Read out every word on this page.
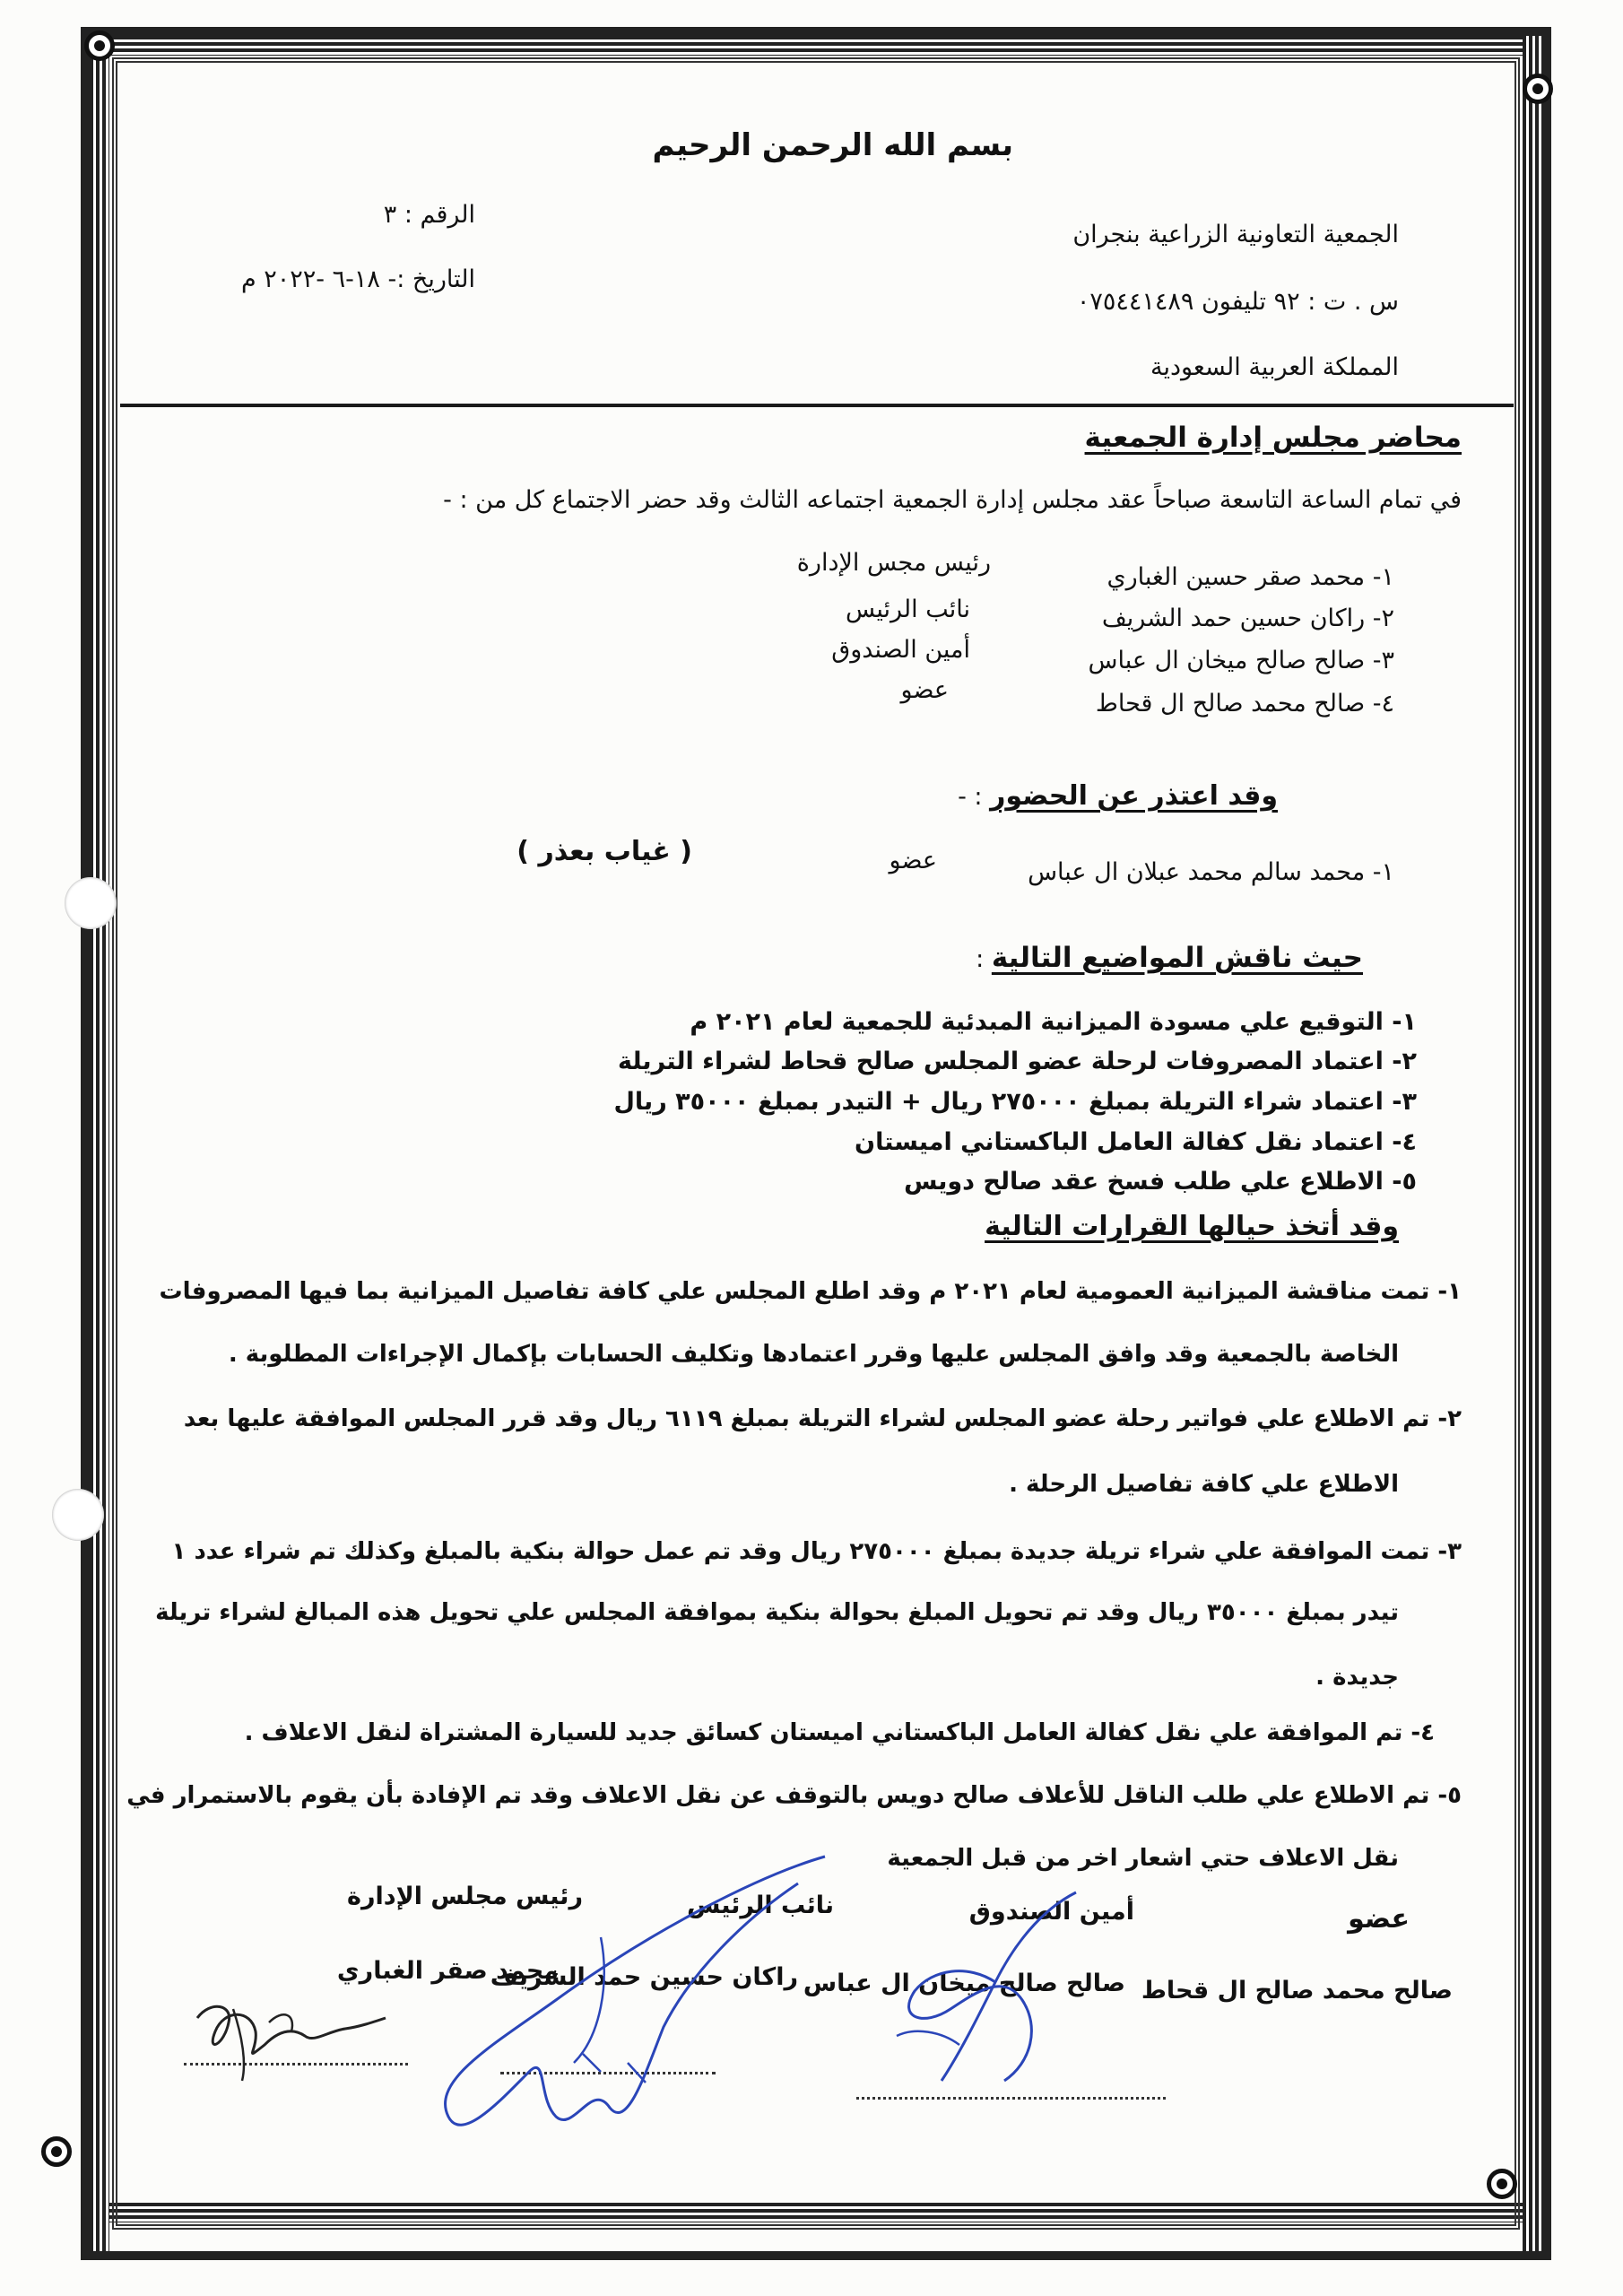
بسم الله الرحمن الرحيم
الجمعية التعاونية الزراعية بنجران
س . ت : ٩٢ تليفون ٠٧٥٤٤١٤٨٩
المملكة العربية السعودية
الرقم : ٣
التاريخ :- ١٨-٦ -٢٠٢٢ م
محاضر مجلس إدارة الجمعية
في تمام الساعة التاسعة صباحاً عقد مجلس إدارة الجمعية اجتماعه الثالث وقد حضر الاجتماع كل من : -
١- محمد صقر حسين الغباري
رئيس مجس الإدارة
٢- راكان حسين حمد الشريف
نائب الرئيس
٣- صالح صالح ميخان ال عباس
أمين الصندوق
٤- صالح محمد صالح ال قحاط
عضو
وقد اعتذر عن الحضور : -
١- محمد سالم محمد عبلان ال عباس
عضو
( غياب بعذر )
حيث ناقش المواضيع التالية :
١- التوقيع علي مسودة الميزانية المبدئية للجمعية لعام ٢٠٢١ م
٢- اعتماد المصروفات لرحلة عضو المجلس صالح قحاط لشراء التريلة
٣- اعتماد شراء التريلة بمبلغ ٢٧٥٠٠٠ ريال + التيدر بمبلغ ٣٥٠٠٠ ريال
٤- اعتماد نقل كفالة العامل الباكستاني اميستان
٥- الاطلاع علي طلب فسخ عقد صالح دويس
وقد أتخذ حيالها القرارات التالية
١- تمت مناقشة الميزانية العمومية لعام ٢٠٢١ م وقد اطلع المجلس علي كافة تفاصيل الميزانية بما فيها المصروفات
الخاصة بالجمعية وقد وافق المجلس عليها وقرر اعتمادها وتكليف الحسابات بإكمال الإجراءات المطلوبة .
٢- تم الاطلاع علي فواتير رحلة عضو المجلس لشراء التريلة بمبلغ ٦١١٩ ريال وقد قرر المجلس الموافقة عليها بعد
الاطلاع علي كافة تفاصيل الرحلة .
٣- تمت الموافقة علي شراء تريلة جديدة بمبلغ ٢٧٥٠٠٠ ريال وقد تم عمل حوالة بنكية بالمبلغ وكذلك تم شراء عدد ١
تيدر بمبلغ ٣٥٠٠٠ ريال وقد تم تحويل المبلغ بحوالة بنكية بموافقة المجلس علي تحويل هذه المبالغ لشراء تريلة
جديدة .
٤- تم الموافقة علي نقل كفالة العامل الباكستاني اميستان كسائق جديد للسيارة المشتراة لنقل الاعلاف .
٥- تم الاطلاع علي طلب الناقل للأعلاف صالح دويس بالتوقف عن نقل الاعلاف وقد تم الإفادة بأن يقوم بالاستمرار في
نقل الاعلاف حتي اشعار اخر من قبل الجمعية
عضو
أمين الصندوق
نائب الرئيس
رئيس مجلس الإدارة
صالح محمد صالح ال قحاط
صالح صالح ميخان ال عباس
راكان حسين حمد الشريف
محمد صقر الغباري
